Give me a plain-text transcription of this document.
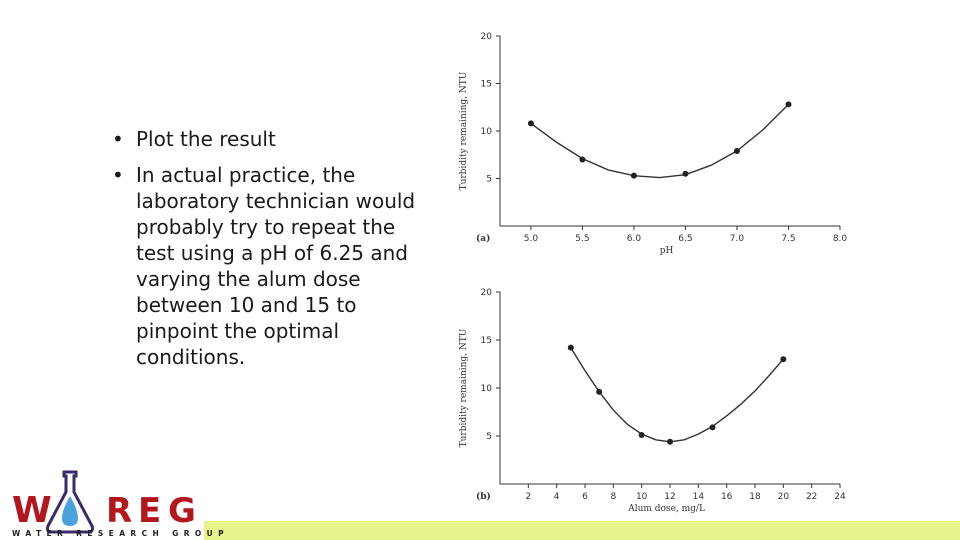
• Plot the result
• In actual practice, the laboratory technician would probably try to repeat the test using a pH of 6.25 and varying the alum dose between 10 and 15 to pinpoint the optimal conditions.
5
10
15
20
5.0	5.5	6.0	6.5	7.0	7.5	8.0
(a)
pH
Turbidity remaining, NTU
5
10
15
20
2	4	6	8 10 12 14 16 18 20 22 24
(b)
Alum dose, mg/L
Turbidity remaining, NTU
W R E G
WATER RESEARCH GROUP
